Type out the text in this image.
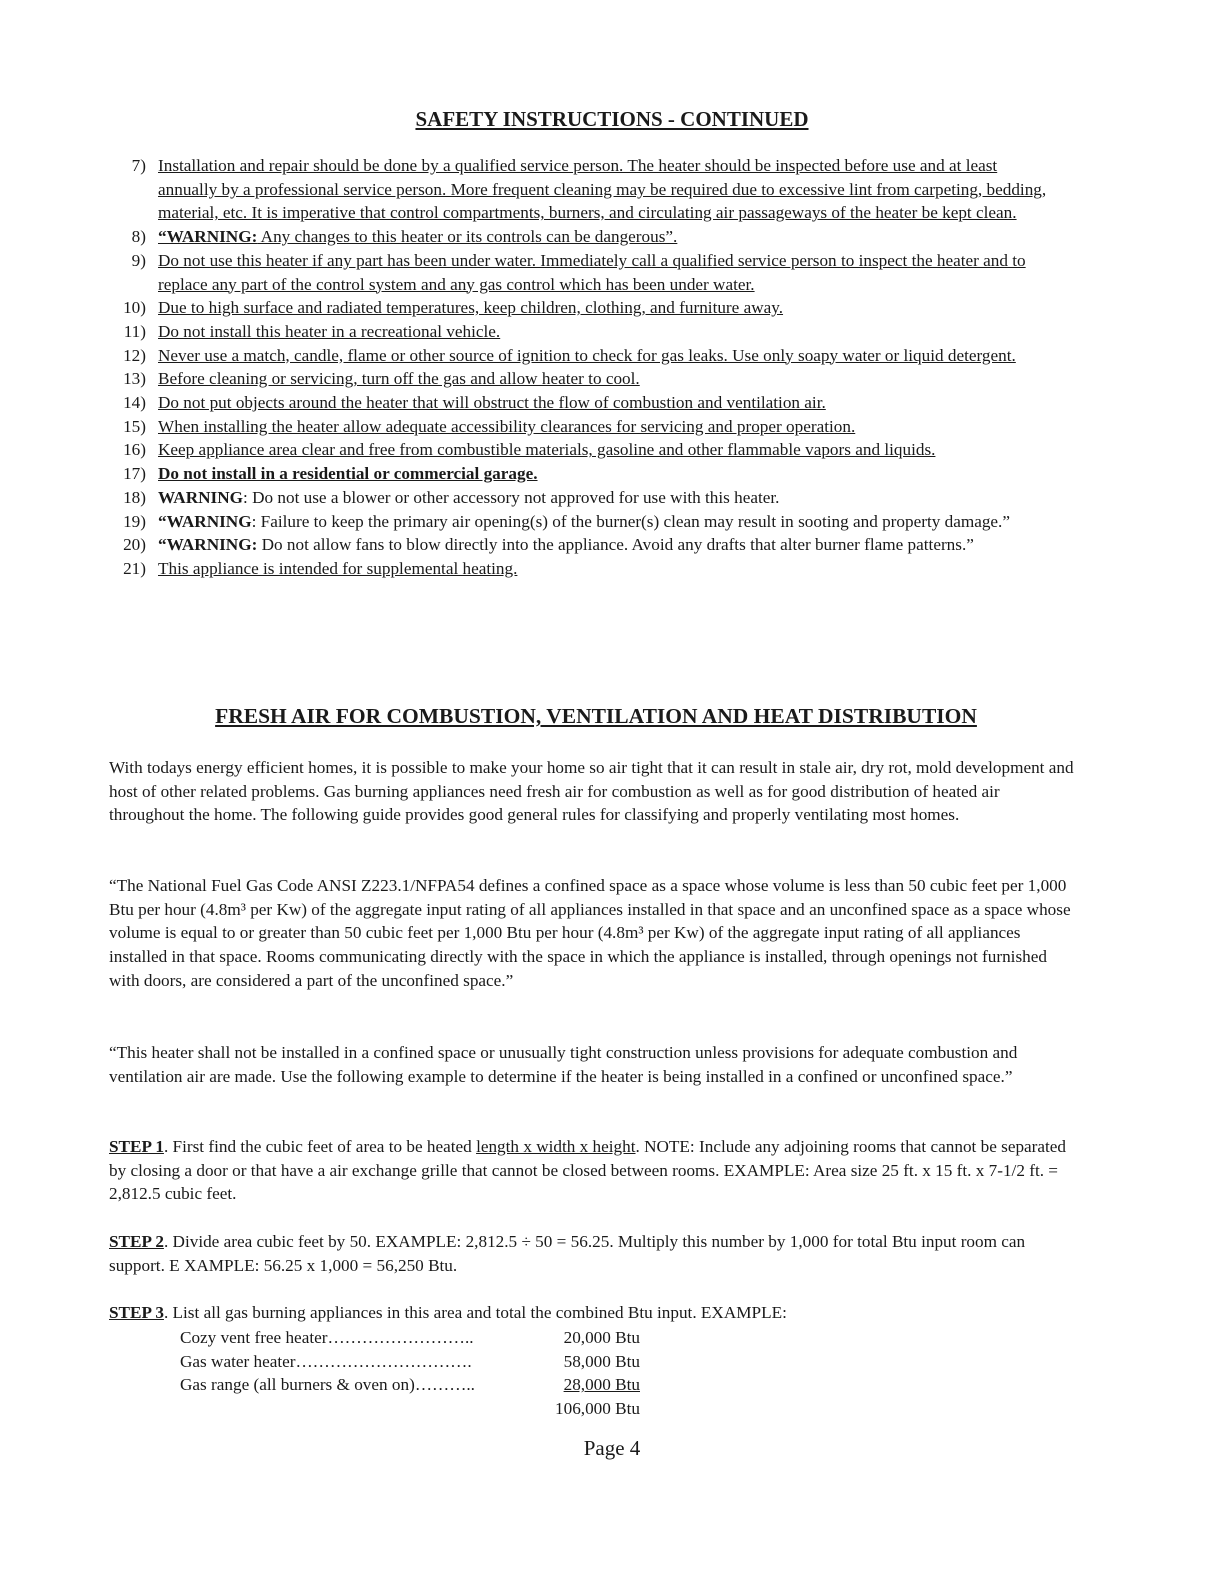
SAFETY INSTRUCTIONS - CONTINUED
7) Installation and repair should be done by a qualified service person. The heater should be inspected before use and at least annually by a professional service person. More frequent cleaning may be required due to excessive lint from carpeting, bedding, material, etc. It is imperative that control compartments, burners, and circulating air passageways of the heater be kept clean.
8) “WARNING: Any changes to this heater or its controls can be dangerous”.
9) Do not use this heater if any part has been under water. Immediately call a qualified service person to inspect the heater and to replace any part of the control system and any gas control which has been under water.
10) Due to high surface and radiated temperatures, keep children, clothing, and furniture away.
11) Do not install this heater in a recreational vehicle.
12) Never use a match, candle, flame or other source of ignition to check for gas leaks. Use only soapy water or liquid detergent.
13) Before cleaning or servicing, turn off the gas and allow heater to cool.
14) Do not put objects around the heater that will obstruct the flow of combustion and ventilation air.
15) When installing the heater allow adequate accessibility clearances for servicing and proper operation.
16) Keep appliance area clear and free from combustible materials, gasoline and other flammable vapors and liquids.
17) Do not install in a residential or commercial garage.
18) WARNING: Do not use a blower or other accessory not approved for use with this heater.
19) “WARNING: Failure to keep the primary air opening(s) of the burner(s) clean may result in sooting and property damage.”
20) “WARNING: Do not allow fans to blow directly into the appliance. Avoid any drafts that alter burner flame patterns.”
21) This appliance is intended for supplemental heating.
FRESH AIR FOR COMBUSTION, VENTILATION AND HEAT DISTRIBUTION
With todays energy efficient homes, it is possible to make your home so air tight that it can result in stale air, dry rot, mold development and host of other related problems. Gas burning appliances need fresh air for combustion as well as for good distribution of heated air throughout the home. The following guide provides good general rules for classifying and properly ventilating most homes.
“The National Fuel Gas Code ANSI Z223.1/NFPA54 defines a confined space as a space whose volume is less than 50 cubic feet per 1,000 Btu per hour (4.8m³ per Kw) of the aggregate input rating of all appliances installed in that space and an unconfined space as a space whose volume is equal to or greater than 50 cubic feet per 1,000 Btu per hour (4.8m³ per Kw) of the aggregate input rating of all appliances installed in that space. Rooms communicating directly with the space in which the appliance is installed, through openings not furnished with doors, are considered a part of the unconfined space.”
“This heater shall not be installed in a confined space or unusually tight construction unless provisions for adequate combustion and ventilation air are made. Use the following example to determine if the heater is being installed in a confined or unconfined space.”
STEP 1. First find the cubic feet of area to be heated length x width x height. NOTE: Include any adjoining rooms that cannot be separated by closing a door or that have a air exchange grille that cannot be closed between rooms. EXAMPLE: Area size 25 ft. x 15 ft. x 7-1/2 ft. = 2,812.5 cubic feet.
STEP 2. Divide area cubic feet by 50. EXAMPLE: 2,812.5 ÷ 50 = 56.25. Multiply this number by 1,000 for total Btu input room can support. E XAMPLE: 56.25 x 1,000 = 56,250 Btu.
STEP 3. List all gas burning appliances in this area and total the combined Btu input. EXAMPLE:
Cozy vent free heater……………………..	20,000 Btu
Gas water heater………………………….	58,000 Btu
Gas range (all burners & oven on)………..	28,000 Btu
106,000 Btu
Page 4
